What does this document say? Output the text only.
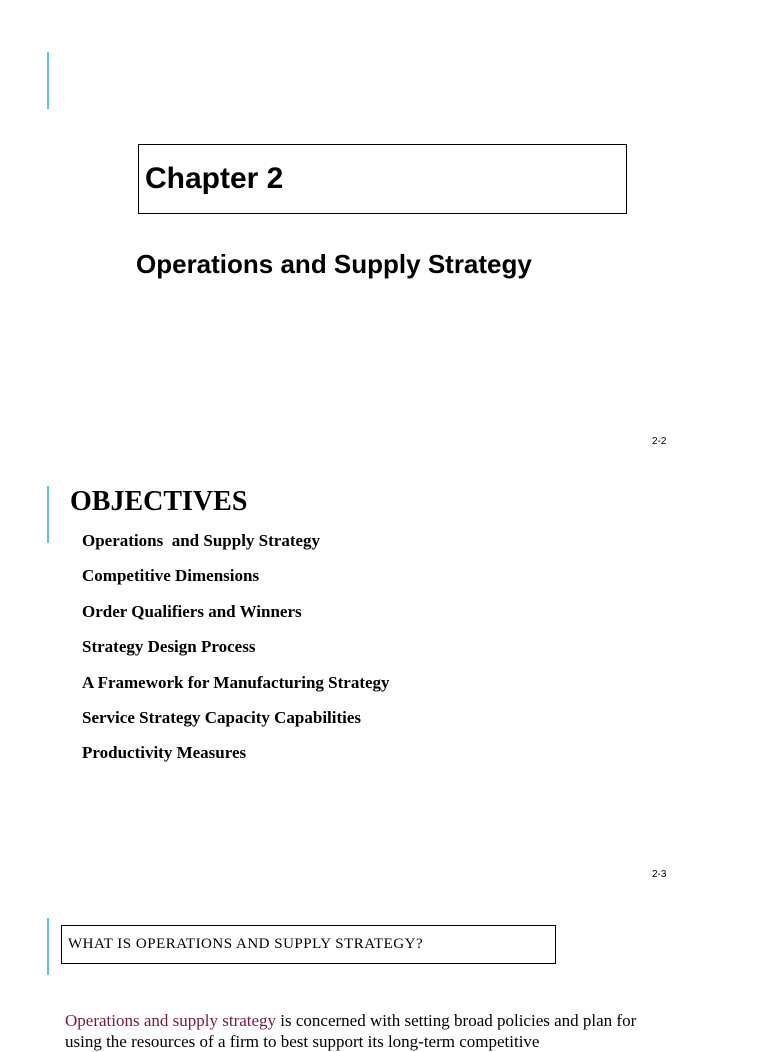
Chapter 2
Operations and Supply Strategy
2-2
OBJECTIVES
Operations  and Supply Strategy
Competitive Dimensions
Order Qualifiers and Winners
Strategy Design Process
A Framework for Manufacturing Strategy
Service Strategy Capacity Capabilities
Productivity Measures
2-3
WHAT IS OPERATIONS AND SUPPLY STRATEGY?

Operations and supply strategy is concerned with setting broad policies and plan for using the resources of a firm to best support its long-term competitive
